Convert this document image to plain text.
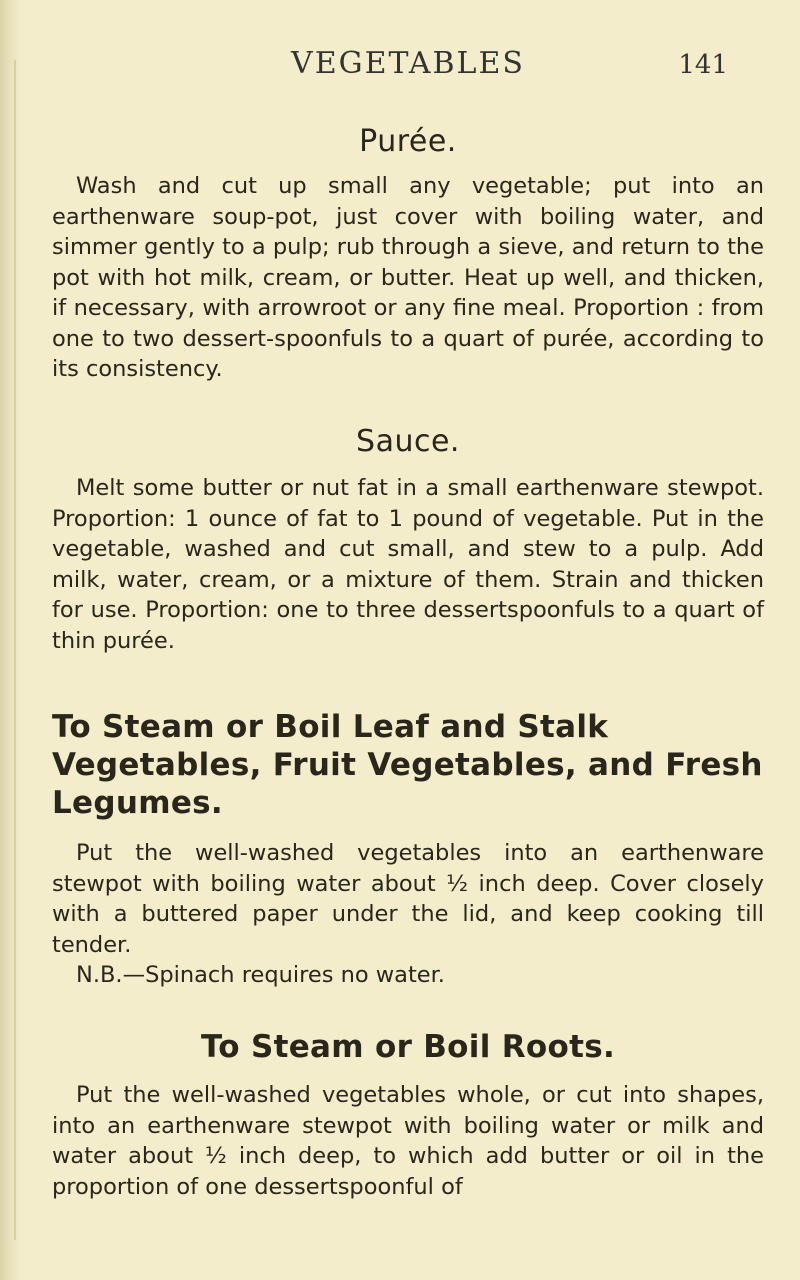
VEGETABLES	141
Purée.

Wash and cut up small any vegetable; put into an earthenware soup-pot, just cover with boiling water, and simmer gently to a pulp; rub through a sieve, and return to the pot with hot milk, cream, or butter. Heat up well, and thicken, if necessary, with arrowroot or any fine meal. Proportion : from one to two dessert-spoonfuls to a quart of purée, according to its consistency.

Sauce.

Melt some butter or nut fat in a small earthenware stewpot. Proportion: 1 ounce of fat to 1 pound of vegetable. Put in the vegetable, washed and cut small, and stew to a pulp. Add milk, water, cream, or a mixture of them. Strain and thicken for use. Proportion: one to three dessertspoonfuls to a quart of thin purée.

To Steam or Boil Leaf and Stalk Vegetables, Fruit Vegetables, and Fresh Legumes.

Put the well-washed vegetables into an earthenware stewpot with boiling water about ½ inch deep. Cover closely with a buttered paper under the lid, and keep cooking till tender.

N.B.—Spinach requires no water.

To Steam or Boil Roots.

Put the well-washed vegetables whole, or cut into shapes, into an earthenware stewpot with boiling water or milk and water about ½ inch deep, to which add butter or oil in the proportion of one dessertspoonful of
